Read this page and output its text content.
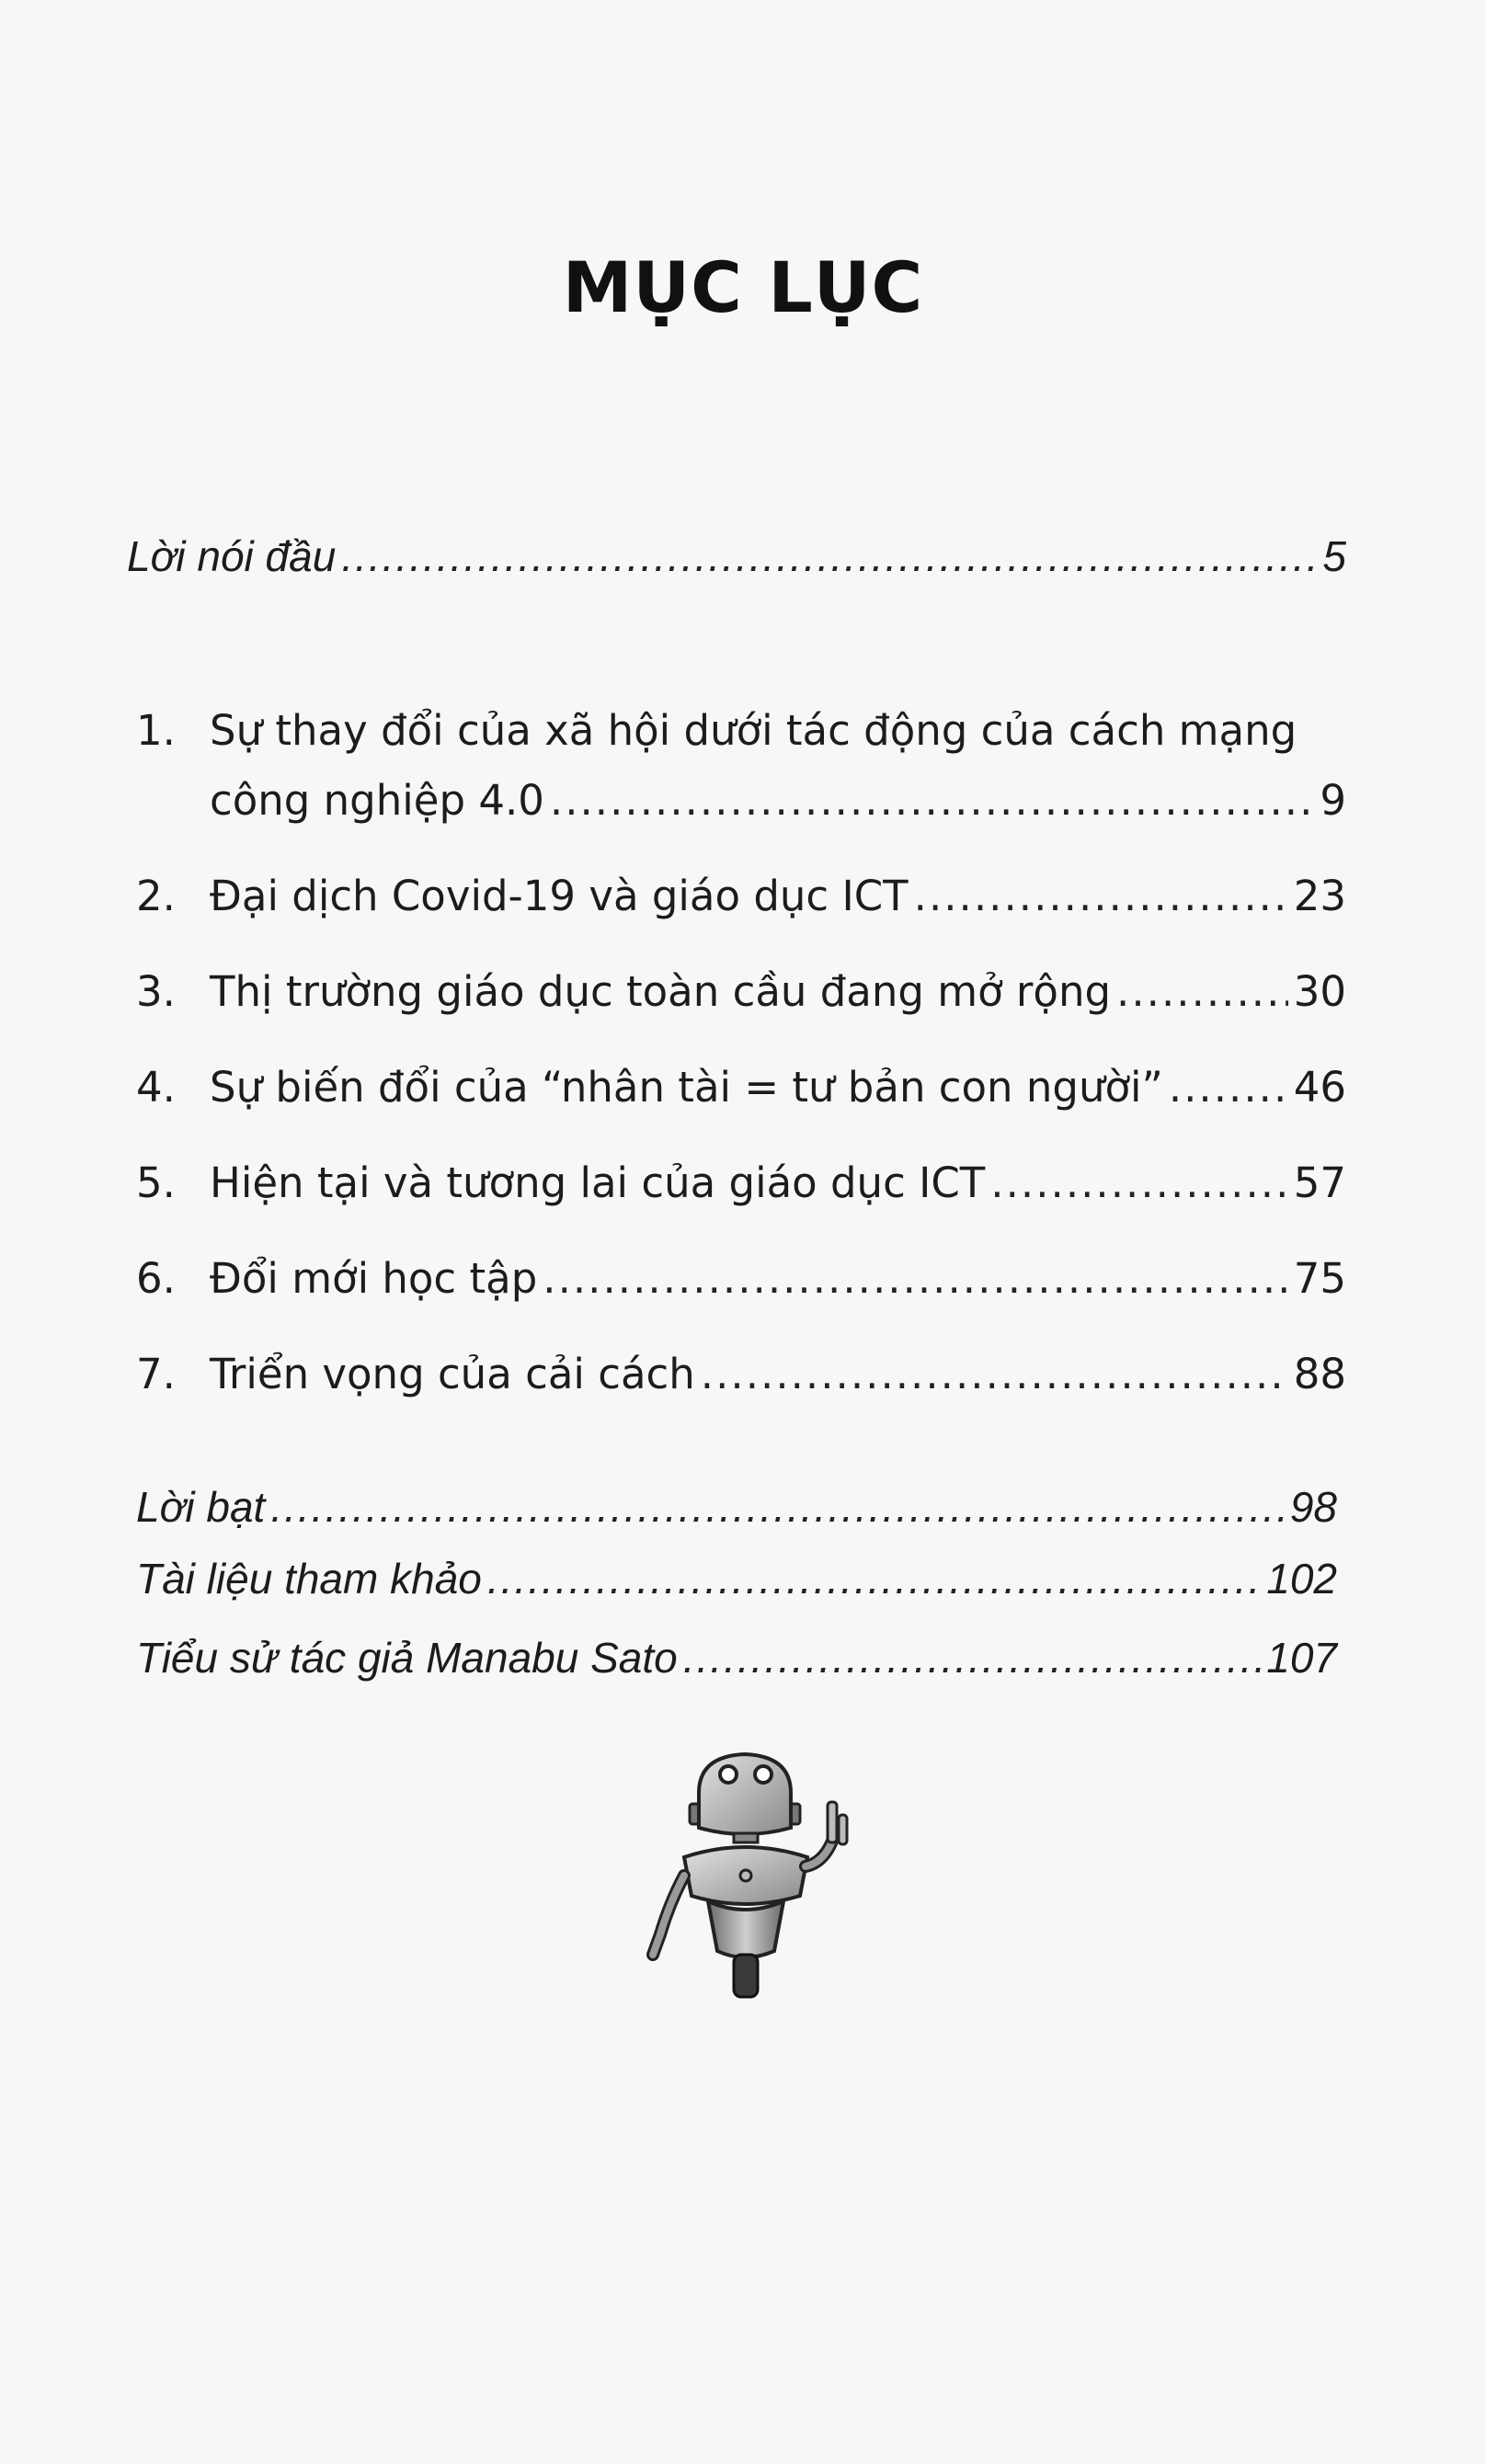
MỤC LỤC
Lời nói đầu .....	5
1. Sự thay đổi của xã hội dưới tác động của cách mạng
công nghiệp 4.0 .....	9
2. Đại dịch Covid-19 và giáo dục ICT .....	23
3. Thị trường giáo dục toàn cầu đang mở rộng .....	30
4. Sự biến đổi của “nhân tài = tư bản con người” .....	46
5. Hiện tại và tương lai của giáo dục ICT .....	57
6. Đổi mới học tập .....	75
7. Triển vọng của cải cách .....	88
Lời bạt .....	98
Tài liệu tham khảo .....	102
Tiểu sử tác giả Manabu Sato .....	107
